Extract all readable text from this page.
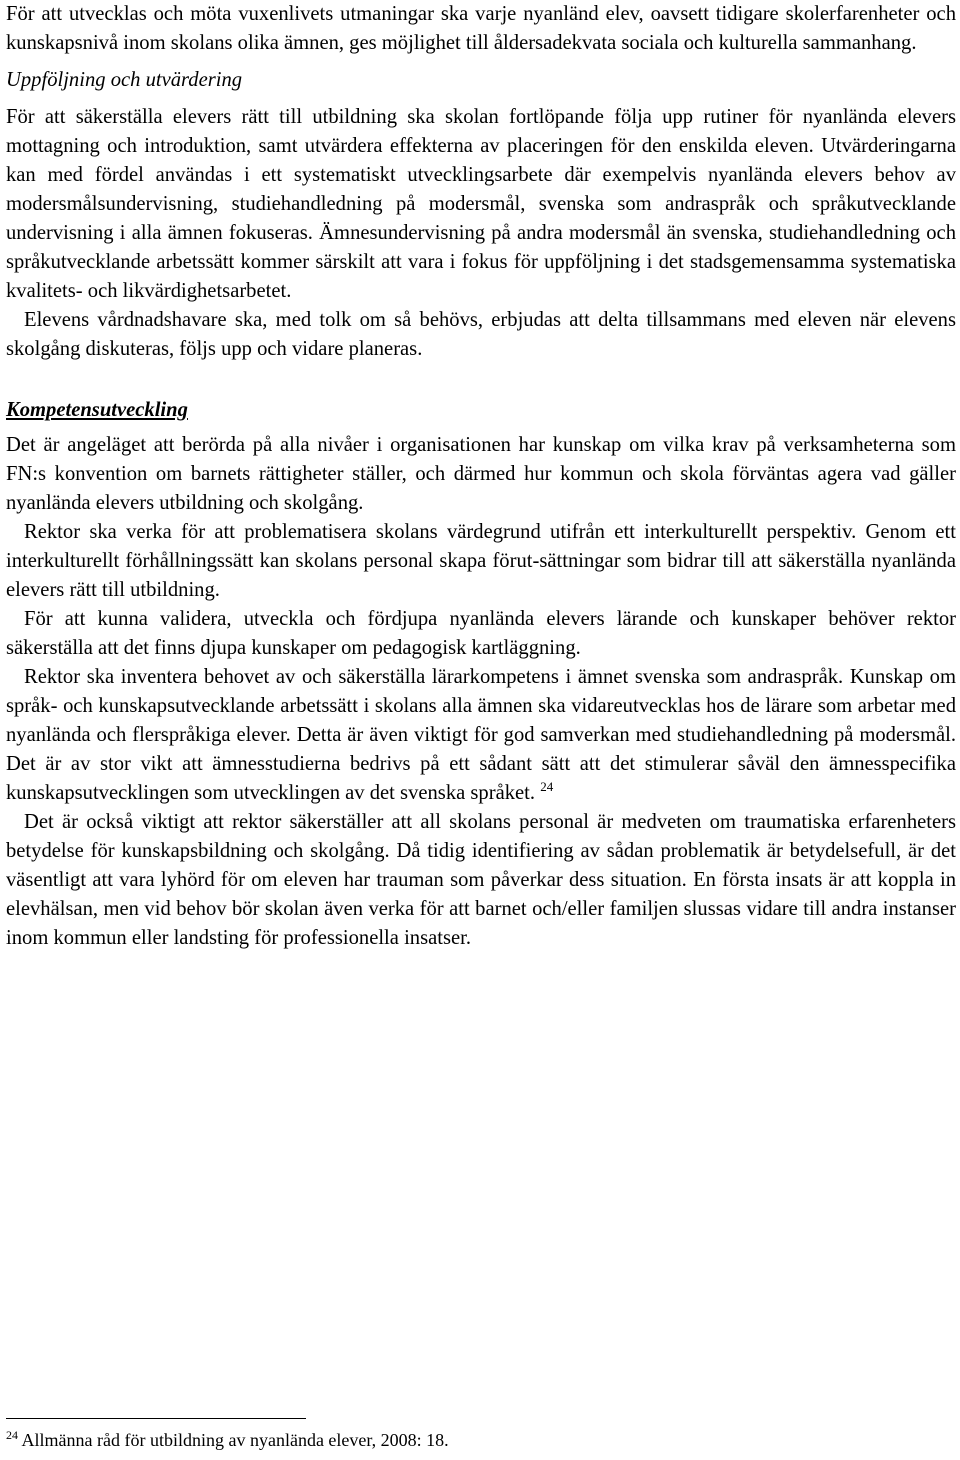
För att utvecklas och möta vuxenlivets utmaningar ska varje nyanländ elev, oavsett tidigare skolerfarenheter och kunskapsnivå inom skolans olika ämnen, ges möjlighet till åldersadekvata sociala och kulturella sammanhang.

Uppföljning och utvärdering

För att säkerställa elevers rätt till utbildning ska skolan fortlöpande följa upp rutiner för nyanlända elevers mottagning och introduktion, samt utvärdera effekterna av placeringen för den enskilda eleven. Utvärderingarna kan med fördel användas i ett systematiskt utvecklingsarbete där exempelvis nyanlända elevers behov av modersmålsundervisning, studiehandledning på modersmål, svenska som andraspråk och språkutvecklande undervisning i alla ämnen fokuseras. Ämnesundervisning på andra modersmål än svenska, studiehandledning och språkutvecklande arbetssätt kommer särskilt att vara i fokus för uppföljning i det stadsgemensamma systematiska kvalitets- och likvärdighetsarbetet.

Elevens vårdnadshavare ska, med tolk om så behövs, erbjudas att delta tillsammans med eleven när elevens skolgång diskuteras, följs upp och vidare planeras.

Kompetensutveckling

Det är angeläget att berörda på alla nivåer i organisationen har kunskap om vilka krav på verksamheterna som FN:s konvention om barnets rättigheter ställer, och därmed hur kommun och skola förväntas agera vad gäller nyanlända elevers utbildning och skolgång.

Rektor ska verka för att problematisera skolans värdegrund utifrån ett interkulturellt perspektiv. Genom ett interkulturellt förhållningssätt kan skolans personal skapa förut-sättningar som bidrar till att säkerställa nyanlända elevers rätt till utbildning.

För att kunna validera, utveckla och fördjupa nyanlända elevers lärande och kunskaper behöver rektor säkerställa att det finns djupa kunskaper om pedagogisk kartläggning.

Rektor ska inventera behovet av och säkerställa lärarkompetens i ämnet svenska som andraspråk. Kunskap om språk- och kunskapsutvecklande arbetssätt i skolans alla ämnen ska vidareutvecklas hos de lärare som arbetar med nyanlända och flerspråkiga elever. Detta är även viktigt för god samverkan med studiehandledning på modersmål. Det är av stor vikt att ämnesstudierna bedrivs på ett sådant sätt att det stimulerar såväl den ämnesspecifika kunskapsutvecklingen som utvecklingen av det svenska språket. $^{24}$

Det är också viktigt att rektor säkerställer att all skolans personal är medveten om traumatiska erfarenheters betydelse för kunskapsbildning och skolgång. Då tidig identifiering av sådan problematik är betydelsefull, är det väsentligt att vara lyhörd för om eleven har trauman som påverkar dess situation. En första insats är att koppla in elevhälsan, men vid behov bör skolan även verka för att barnet och/eller familjen slussas vidare till andra instanser inom kommun eller landsting för professionella insatser.

$^{24}$ Allmänna råd för utbildning av nyanlända elever, 2008: 18.
